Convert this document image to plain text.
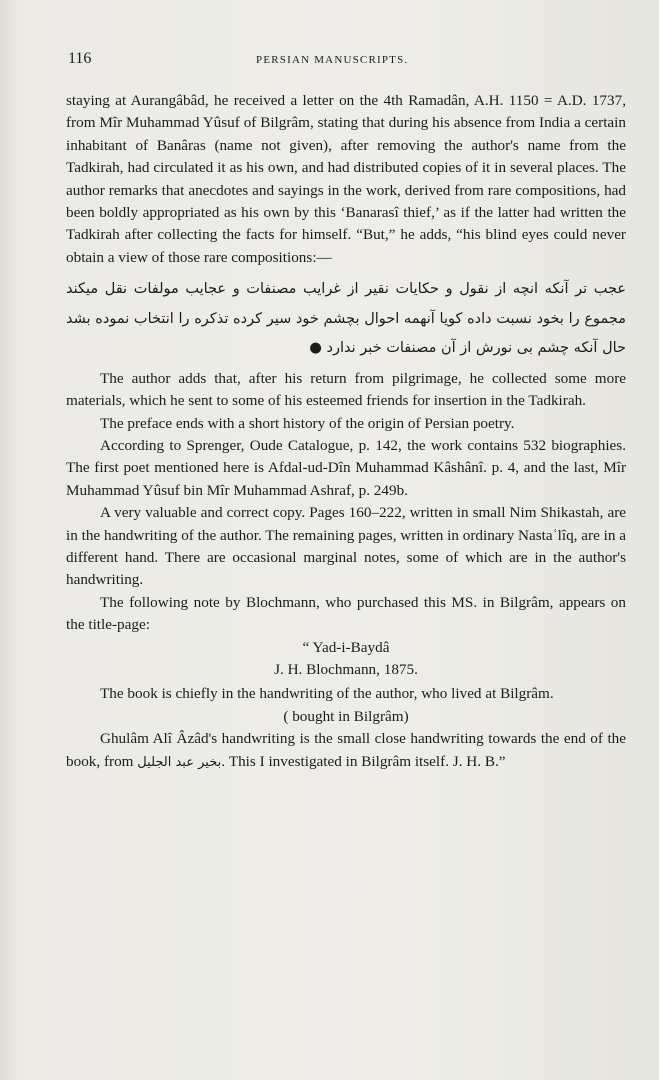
116	PERSIAN MANUSCRIPTS.

staying at Aurangâbâd, he received a letter on the 4th Ramadân, A.H. 1150 = A.D. 1737, from Mîr Muhammad Yûsuf of Bilgrâm, stating that during his absence from India a certain inhabitant of Banâras (name not given), after removing the author's name from the Tadkirah, had circulated it as his own, and had distributed copies of it in several places. The author remarks that anecdotes and sayings in the work, derived from rare compositions, had been boldly appropriated as his own by this ‘Banarasî thief,’ as if the latter had written the Tadkirah after collecting the facts for himself. “But,” he adds, “his blind eyes could never obtain a view of those rare compositions:—

عجب تر آنکه انچه از نقول و حکایات نقیر از غرایب مصنفات و عجایب مولفات نقل میکند مجموع را بخود نسبت داده کویا آنهمه احوال بچشم خود سیر کرده تذکره را انتخاب نموده بشد حال آنکه چشم بی نورش از آن مصنفات خبر ندارد ●

The author adds that, after his return from pilgrimage, he collected some more materials, which he sent to some of his esteemed friends for insertion in the Tadkirah.

The preface ends with a short history of the origin of Persian poetry.

According to Sprenger, Oude Catalogue, p. 142, the work contains 532 biographies. The first poet mentioned here is Afdal-ud-Dîn Muhammad Kâshânî. p. 4, and the last, Mîr Muhammad Yûsuf bin Mîr Muhammad Ashraf, p. 249b.

A very valuable and correct copy. Pages 160–222, written in small Nim Shikastah, are in the handwriting of the author. The remaining pages, written in ordinary Nastaʿlîq, are in a different hand. There are occasional marginal notes, some of which are in the author's handwriting.

The following note by Blochmann, who purchased this MS. in Bilgrâm, appears on the title-page:

“ Yad-i-Baydâ

J. H. Blochmann, 1875.

The book is chiefly in the handwriting of the author, who lived at Bilgrâm.

( bought in Bilgrâm)

Ghulâm Alî Âzâd's handwriting is the small close handwriting towards the end of the book, from بخیر عبد الجلیل. This I investigated in Bilgrâm itself. J. H. B.”
